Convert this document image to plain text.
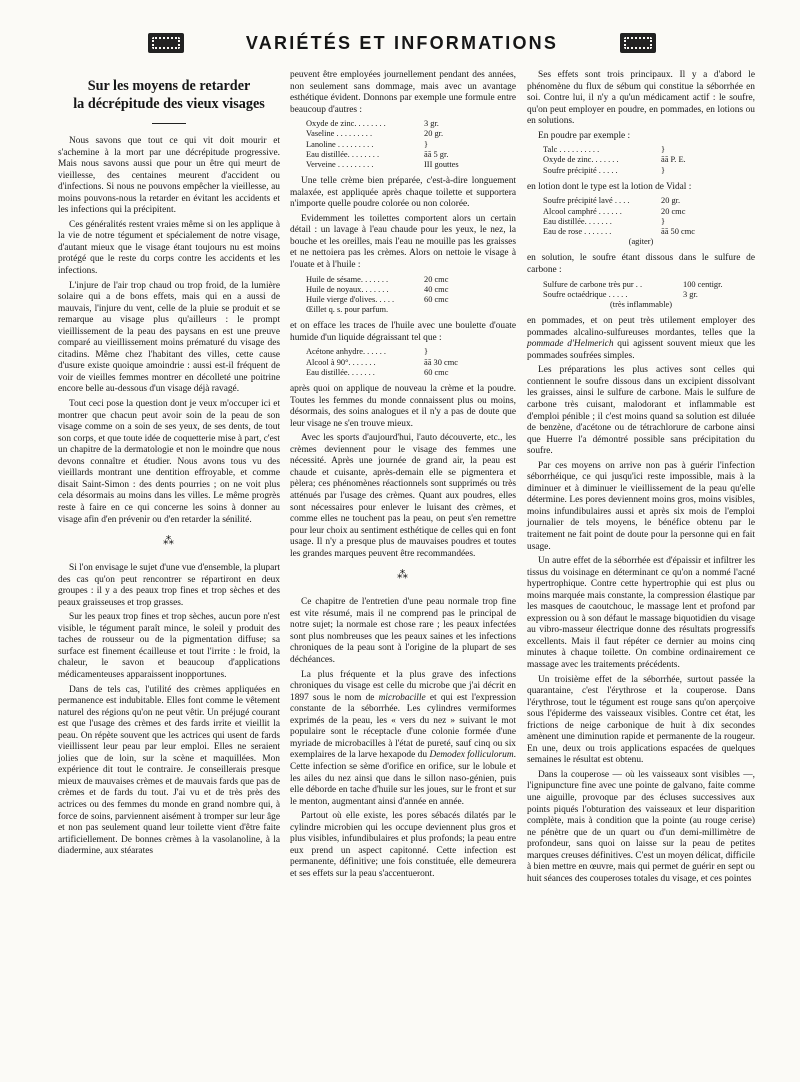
VARIÉTÉS ET INFORMATIONS
Sur les moyens de retarder
la décrépitude des vieux visages

Nous savons que tout ce qui vit doit mourir et s'achemine à la mort par une décrépitude progressive. Mais nous savons aussi que pour un être qui meurt de vieillesse, des centaines meurent d'accident ou d'infections. Si nous ne pouvons empêcher la vieillesse, au moins pouvons-nous la retarder en évitant les accidents et les infections qui la précipitent.

Ces généralités restent vraies même si on les applique à la vie de notre tégument et spécialement de notre visage, d'autant mieux que le visage étant toujours nu est moins protégé que le reste du corps contre les accidents et les infections.

L'injure de l'air trop chaud ou trop froid, de la lumière solaire qui a de bons effets, mais qui en a aussi de mauvais, l'injure du vent, celle de la pluie se produit et se remarque au visage plus qu'ailleurs : le prompt vieillissement de la peau des paysans en est une preuve comparé au vieillissement moins prématuré du visage des citadins. Même chez l'habitant des villes, cette cause d'usure existe quoique amoindrie : aussi est-il fréquent de voir de vieilles femmes montrer en décolleté une poitrine encore belle au-dessous d'un visage déjà ravagé.

Tout ceci pose la question dont je veux m'occuper ici et montrer que chacun peut avoir soin de la peau de son visage comme on a soin de ses yeux, de ses dents, de tout son corps, et que toute idée de coquetterie mise à part, c'est un chapitre de la dermatologie et non le moindre que nous devons connaître et étudier. Nous avons tous vu des vieillards montrant une dentition effroyable, et comme disait Saint-Simon : des dents pourries ; on ne voit plus cela désormais au moins dans les villes. Le même progrès reste à faire en ce qui concerne les soins à donner au visage afin d'en prévenir ou d'en retarder la sénilité.

⁂

Si l'on envisage le sujet d'une vue d'ensemble, la plupart des cas qu'on peut rencontrer se répartiront en deux groupes : il y a des peaux trop fines et trop sèches et des peaux graisseuses et trop grasses.

Sur les peaux trop fines et trop sèches, aucun pore n'est visible, le tégument paraît mince, le soleil y produit des taches de rousseur ou de la pigmentation diffuse; sa surface est finement écailleuse et tout l'irrite : le froid, la chaleur, le savon et beaucoup d'applications médicamenteuses apparaissent inopportunes.

Dans de tels cas, l'utilité des crèmes appliquées en permanence est indubitable. Elles font comme le vêtement naturel des régions qu'on ne peut vêtir. Un préjugé courant est que l'usage des crèmes et des fards irrite et vieillit la peau. On répète souvent que les actrices qui usent de fards vieillissent leur peau par leur emploi. Elles ne seraient jolies que de loin, sur la scène et maquillées. Mon expérience dit tout le contraire. Je conseillerais presque mieux de mauvaises crèmes et de mauvais fards que pas de crèmes et de fards du tout. J'ai vu et de très près des actrices ou des femmes du monde en grand nombre qui, à force de soins, parviennent aisément à tromper sur leur âge et non pas seulement quand leur toilette vient d'être faite artificiellement. De bonnes crèmes à la vasolanoline, à la diadermine, aux stéarates

peuvent être employées journellement pendant des années, non seulement sans dommage, mais avec un avantage esthétique évident. Donnons par exemple une formule entre beaucoup d'autres :

Oxyde de zinc. . . . . . . .	3 gr.
Vaseline . . . . . . . . .	20 gr.
Lanoline . . . . . . . . .	}
Eau distillée. . . . . . . .	āā 5 gr.
Verveine . . . . . . . . .	III gouttes

Une telle crème bien préparée, c'est-à-dire longuement malaxée, est appliquée après chaque toilette et supportera n'importe quelle poudre colorée ou non colorée.

Evidemment les toilettes comportent alors un certain détail : un lavage à l'eau chaude pour les yeux, le nez, la bouche et les oreilles, mais l'eau ne mouille pas les graisses et ne nettoiera pas les crèmes. Alors on nettoie le visage à l'ouate et à l'huile :

Huile de sésame. . . . . . .	20 cmc
Huile de noyaux. . . . . . .	40 cmc
Huile vierge d'olives. . . . .	60 cmc
Œillet q. s. pour parfum.

et on efface les traces de l'huile avec une boulette d'ouate humide d'un liquide dégraissant tel que :

Acétone anhydre. . . . . .	}
Alcool à 90°. . . . . . .	āā 30 cmc
Eau distillée. . . . . . .	60 cmc

après quoi on applique de nouveau la crème et la poudre. Toutes les femmes du monde connaissent plus ou moins, désormais, des soins analogues et il n'y a pas de doute que leur visage ne s'en trouve mieux.

Avec les sports d'aujourd'hui, l'auto découverte, etc., les crèmes deviennent pour le visage des femmes une nécessité. Après une journée de grand air, la peau est chaude et cuisante, après-demain elle se pigmentera et pèlera; ces phénomènes réactionnels sont supprimés ou très atténués par l'usage des crèmes. Quant aux poudres, elles sont nécessaires pour enlever le luisant des crèmes, et comme elles ne touchent pas la peau, on peut s'en remettre pour leur choix au sentiment esthétique de celles qui en font usage. Il n'y a presque plus de mauvaises poudres et toutes les grandes marques peuvent être recommandées.

⁂

Ce chapitre de l'entretien d'une peau normale trop fine est vite résumé, mais il ne comprend pas le principal de notre sujet; la normale est chose rare ; les peaux infectées sont plus nombreuses que les peaux saines et les infections chroniques de la peau sont à l'origine de la plupart de ses déchéances.

La plus fréquente et la plus grave des infections chroniques du visage est celle du microbe que j'ai décrit en 1897 sous le nom de microbacille et qui est l'expression constante de la séborrhée. Les cylindres vermiformes exprimés de la peau, les « vers du nez » suivant le mot populaire sont le réceptacle d'une colonie formée d'une myriade de microbacilles à l'état de pureté, sauf cinq ou six exemplaires de la larve hexapode du Demodex folliculorum. Cette infection se sème d'orifice en orifice, sur le lobule et les ailes du nez ainsi que dans le sillon naso-génien, puis elle déborde en tache d'huile sur les joues, sur le front et sur le menton, augmentant ainsi d'année en année.

Partout où elle existe, les pores sébacés dilatés par le cylindre microbien qui les occupe deviennent plus gros et plus visibles, infundibulaires et plus profonds; la peau entre eux prend un aspect capitonné. Cette infection est permanente, définitive; une fois constituée, elle demeurera et ses effets sur la peau s'accentueront.

Ses effets sont trois principaux. Il y a d'abord le phénomène du flux de sébum qui constitue la séborrhée en soi. Contre lui, il n'y a qu'un médicament actif : le soufre, qu'on peut employer en poudre, en pommades, en lotions ou en solutions.

En poudre par exemple :

Talc . . . . . . . . . .	}
Oxyde de zinc. . . . . . .	āā P. E.
Soufre précipité . . . . .	}

en lotion dont le type est la lotion de Vidal :

Soufre précipité lavé . . . .	20 gr.
Alcool camphré . . . . . .	20 cmc
Eau distillée. . . . . . .	}
Eau de rose . . . . . . .	āā 50 cmc
(agiter)

en solution, le soufre étant dissous dans le sulfure de carbone :

Sulfure de carbone très pur . .	100 centigr.
Soufre octaédrique . . . . .	3 gr.
(très inflammable)

en pommades, et on peut très utilement employer des pommades alcalino-sulfureuses mordantes, telles que la pommade d'Helmerich qui agissent souvent mieux que les pommades soufrées simples.

Les préparations les plus actives sont celles qui contiennent le soufre dissous dans un excipient dissolvant les graisses, ainsi le sulfure de carbone. Mais le sulfure de carbone très cuisant, malodorant et inflammable est d'emploi pénible ; il c'est moins quand sa solution est diluée de benzène, d'acétone ou de tétrachlorure de carbone ainsi que Huerre l'a démontré possible sans précipitation du soufre.

Par ces moyens on arrive non pas à guérir l'infection séborrhéique, ce qui jusqu'ici reste impossible, mais à la diminuer et à diminuer le vieillissement de la peau qu'elle détermine. Les pores deviennent moins gros, moins visibles, moins infundibulaires aussi et après six mois de l'emploi journalier de tels moyens, le bénéfice obtenu par le traitement ne fait point de doute pour la personne qui en fait usage.

Un autre effet de la séborrhée est d'épaissir et infiltrer les tissus du voisinage en déterminant ce qu'on a nommé l'acné hypertrophique. Contre cette hypertrophie qui est plus ou moins marquée mais constante, la compression élastique par les masques de caoutchouc, le massage lent et profond par expression ou à son défaut le massage biquotidien du visage au vibro-masseur électrique donne des résultats progressifs excellents. Mais il faut répéter ce dernier au moins cinq minutes à chaque toilette. On combine ordinairement ce massage avec les traitements précédents.

Un troisième effet de la séborrhée, surtout passée la quarantaine, c'est l'érythrose et la couperose. Dans l'érythrose, tout le tégument est rouge sans qu'on aperçoive sous l'épiderme des vaisseaux visibles. Contre cet état, les frictions de neige carbonique de huit à dix secondes amènent une diminution rapide et permanente de la rougeur. En une, deux ou trois applications espacées de quelques semaines le résultat est obtenu.

Dans la couperose — où les vaisseaux sont visibles —, l'ignipuncture fine avec une pointe de galvano, faite comme une aiguille, provoque par des écluses successives aux points piqués l'obturation des vaisseaux et leur disparition complète, mais à condition que la pointe (au rouge cerise) ne pénètre que de un quart ou d'un demi-millimètre de profondeur, sans quoi on laisse sur la peau de petites marques creuses définitives. C'est un moyen délicat, difficile à bien mettre en œuvre, mais qui permet de guérir en sept ou huit séances des couperoses totales du visage, et ces pointes
